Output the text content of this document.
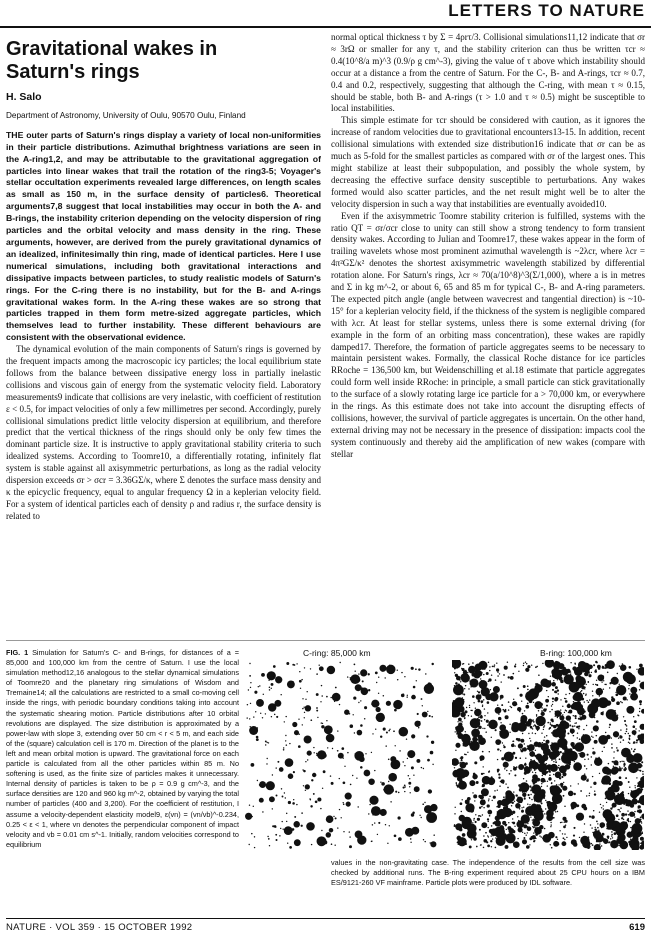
LETTERS TO NATURE
Gravitational wakes in
Saturn's rings

H. Salo

Department of Astronomy, University of Oulu, 90570 Oulu, Finland

THE outer parts of Saturn's rings display a variety of local non-uniformities in their particle distributions. Azimuthal brightness variations are seen in the A-ring1,2, and may be attributable to the gravitational aggregation of particles into linear wakes that trail the rotation of the ring3-5; Voyager's stellar occultation experiments revealed large differences, on length scales as small as 150 m, in the surface density of particles6. Theoretical arguments7,8 suggest that local instabilities may occur in both the A- and B-rings, the instability criterion depending on the velocity dispersion of ring particles and the orbital velocity and mass density in the ring. These arguments, however, are derived from the purely gravitational dynamics of an idealized, infinitesimally thin ring, made of identical particles. Here I use numerical simulations, including both gravitational interactions and dissipative impacts between particles, to study realistic models of Saturn's rings. For the C-ring there is no instability, but for the B- and A-rings gravitational wakes form. In the A-ring these wakes are so strong that particles trapped in them form metre-sized aggregate particles, which themselves lead to further instability. These different behaviours are consistent with the observational evidence.

The dynamical evolution of the main components of Saturn's rings is governed by the frequent impacts among the macroscopic icy particles; the local equilibrium state follows from the balance between dissipative energy loss in partially inelastic collisions and viscous gain of energy from the systematic velocity field. Laboratory measurements9 indicate that collisions are very inelastic, with coefficient of restitution ε < 0.5, for impact velocities of only a few millimetres per second. Accordingly, purely collisional simulations predict little velocity dispersion at equilibrium, and therefore predict that the vertical thickness of the rings should only be only few times the dominant particle size. It is instructive to apply gravitational stability criteria to such idealized systems. According to Toomre10, a differentially rotating, infinitely flat system is stable against all axisymmetric perturbations, as long as the radial velocity dispersion exceeds σr > σcr = 3.36GΣ/κ, where Σ denotes the surface mass density and κ the epicyclic frequency, equal to angular frequency Ω in a keplerian velocity field. For a system of identical particles each of density ρ and radius r, the surface density is related to

normal optical thickness τ by Σ = 4ρrτ/3. Collisional simulations11,12 indicate that σr ≈ 3rΩ or smaller for any τ, and the stability criterion can thus be written τcr ≈ 0.4(10^8/a m)^3 (0.9/ρ g cm^-3), giving the value of τ above which instability should occur at a distance a from the centre of Saturn. For the C-, B- and A-rings, τcr ≈ 0.7, 0.4 and 0.2, respectively, suggesting that although the C-ring, with mean τ ≈ 0.15, should be stable, both B- and A-rings (τ > 1.0 and τ ≈ 0.5) might be susceptible to local instabilities.

This simple estimate for τcr should be considered with caution, as it ignores the increase of random velocities due to gravitational encounters13-15. In addition, recent collisional simulations with extended size distribution16 indicate that σr can be as much as 5-fold for the smallest particles as compared with σr of the largest ones. This might stabilize at least their subpopulation, and possibly the whole system, by decreasing the effective surface density susceptible to perturbations. Any wakes formed would also scatter particles, and the net result might well be to alter the velocity dispersion in such a way that instabilities are eventually avoided10.

Even if the axisymmetric Toomre stability criterion is fulfilled, systems with the ratio QT = σr/σcr close to unity can still show a strong tendency to form transient density wakes. According to Julian and Toomre17, these wakes appear in the form of trailing wavelets whose most prominent azimuthal wavelength is ~2λcr, where λcr = 4π²GΣ/κ² denotes the shortest axisymmetric wavelength stabilized by differential rotation alone. For Saturn's rings, λcr ≈ 70(a/10^8)^3(Σ/1,000), where a is in metres and Σ in kg m^-2, or about 6, 65 and 85 m for typical C-, B- and A-ring parameters. The expected pitch angle (angle between wavecrest and tangential direction) is ~10-15° for a keplerian velocity field, if the thickness of the system is negligible compared with λcr. At least for stellar systems, unless there is some external driving (for example in the form of an orbiting mass concentration), these wakes are rapidly damped17. Therefore, the formation of particle aggregates seems to be necessary to maintain persistent wakes. Formally, the classical Roche distance for ice particles RRoche = 136,500 km, but Weidenschilling et al.18 estimate that particle aggregates could form well inside RRoche: in principle, a small particle can stick gravitationally to the surface of a slowly rotating large ice particle for a > 70,000 km, or everywhere in the rings. As this estimate does not take into account the disrupting effects of collisions, however, the survival of particle aggregates is uncertain. On the other hand, external driving may not be necessary in the presence of dissipation: impacts cool the system continuously and thereby aid the amplification of new wakes (compare with stellar

FIG. 1 Simulation for Saturn's C- and B-rings, for distances of a = 85,000 and 100,000 km from the centre of Saturn. I use the local simulation method12,16 analogous to the stellar dynamical simulations of Toomre20 and the planetary ring simulations of Wisdom and Tremaine14; all the calculations are restricted to a small co-moving cell inside the rings, with periodic boundary conditions taking into account the systematic shearing motion. Particle distributions after 10 orbital revolutions are displayed. The size distribution is approximated by a power-law with slope 3, extending over 50 cm < r < 5 m, and each side of the (square) calculation cell is 170 m. Direction of the planet is to the left and mean orbital motion is upward. The gravitational force on each particle is calculated from all the other particles within 85 m. No softening is used, as the finite size of particles makes it unnecessary. Internal density of particles is taken to be ρ = 0.9 g cm^-3, and the surface densities are 120 and 960 kg m^-2, obtained by varying the total number of particles (400 and 3,200). For the coefficient of restitution, I assume a velocity-dependent elasticity model9, ε(vn) = (vn/vb)^-0.234, 0.25 < ε < 1, where vn denotes the perpendicular component of impact velocity and vb = 0.01 cm s^-1. Initially, random velocities correspond to equilibrium
C-ring: 85,000 km	B-ring: 100,000 km
values in the non-gravitating case. The independence of the results from the cell size was checked by additional runs. The B-ring experiment required about 25 CPU hours on a IBM ES/9121-260 VF mainframe. Particle plots were produced by IDL software.
NATURE · VOL 359 · 15 OCTOBER 1992	619
